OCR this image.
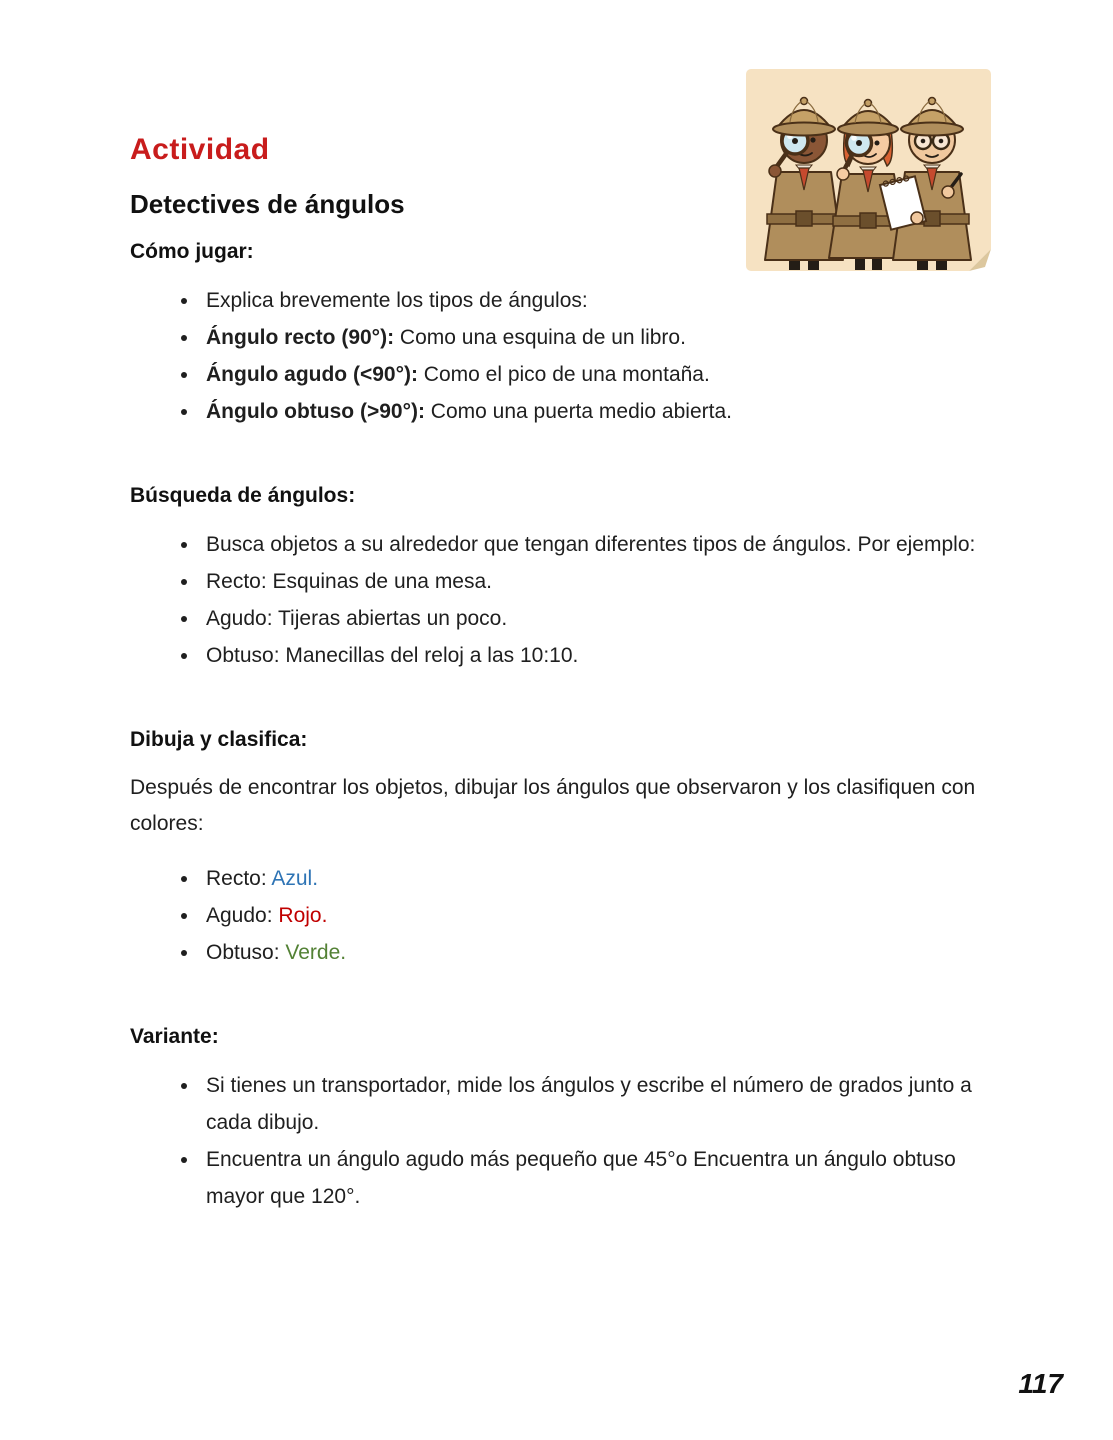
Actividad
Detectives de ángulos
Cómo jugar:
• Explica brevemente los tipos de ángulos:
• Ángulo recto (90°): Como una esquina de un libro.
• Ángulo agudo (<90°): Como el pico de una montaña.
• Ángulo obtuso (>90°): Como una puerta medio abierta.
Búsqueda de ángulos:
• Busca objetos a su alrededor que tengan diferentes tipos de ángulos. Por ejemplo:
• Recto: Esquinas de una mesa.
• Agudo: Tijeras abiertas un poco.
• Obtuso: Manecillas del reloj a las 10:10.
Dibuja y clasifica:

Después de encontrar los objetos, dibujar los ángulos que observaron y los clasifiquen con colores:

• Recto: Azul.
• Agudo: Rojo.
• Obtuso: Verde.
Variante:
• Si tienes un transportador, mide los ángulos y escribe el número de grados junto a cada dibujo.
• Encuentra un ángulo agudo más pequeño que 45°o Encuentra un ángulo obtuso mayor que 120°.
117
